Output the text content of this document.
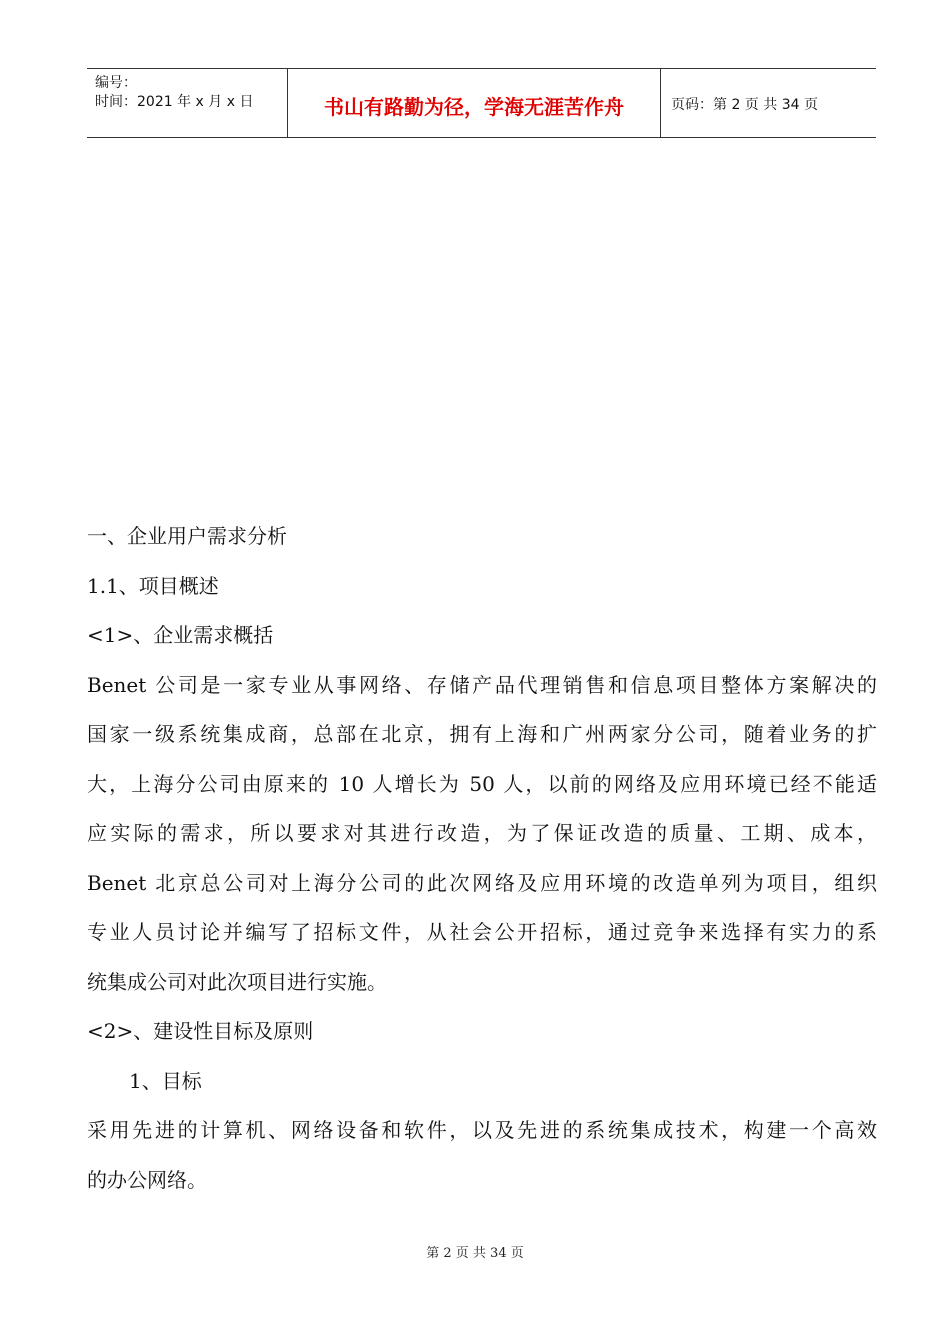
编号：
时间：2021 年 x 月 x 日	书山有路勤为径，学海无涯苦作舟	页码：第 2 页 共 34 页
一、企业用户需求分析
1.1、项目概述
<1>、企业需求概括
Benet 公司是一家专业从事网络、存储产品代理销售和信息项目整体方案解决的
国家一级系统集成商，总部在北京，拥有上海和广州两家分公司，随着业务的扩
大，上海分公司由原来的 10 人增长为 50 人，以前的网络及应用环境已经不能适
应实际的需求，所以要求对其进行改造，为了保证改造的质量、工期、成本，
Benet 北京总公司对上海分公司的此次网络及应用环境的改造单列为项目，组织
专业人员讨论并编写了招标文件，从社会公开招标，通过竞争来选择有实力的系
统集成公司对此次项目进行实施。
<2>、建设性目标及原则
1、目标
采用先进的计算机、网络设备和软件，以及先进的系统集成技术，构建一个高效
的办公网络。
第 2 页 共 34 页
